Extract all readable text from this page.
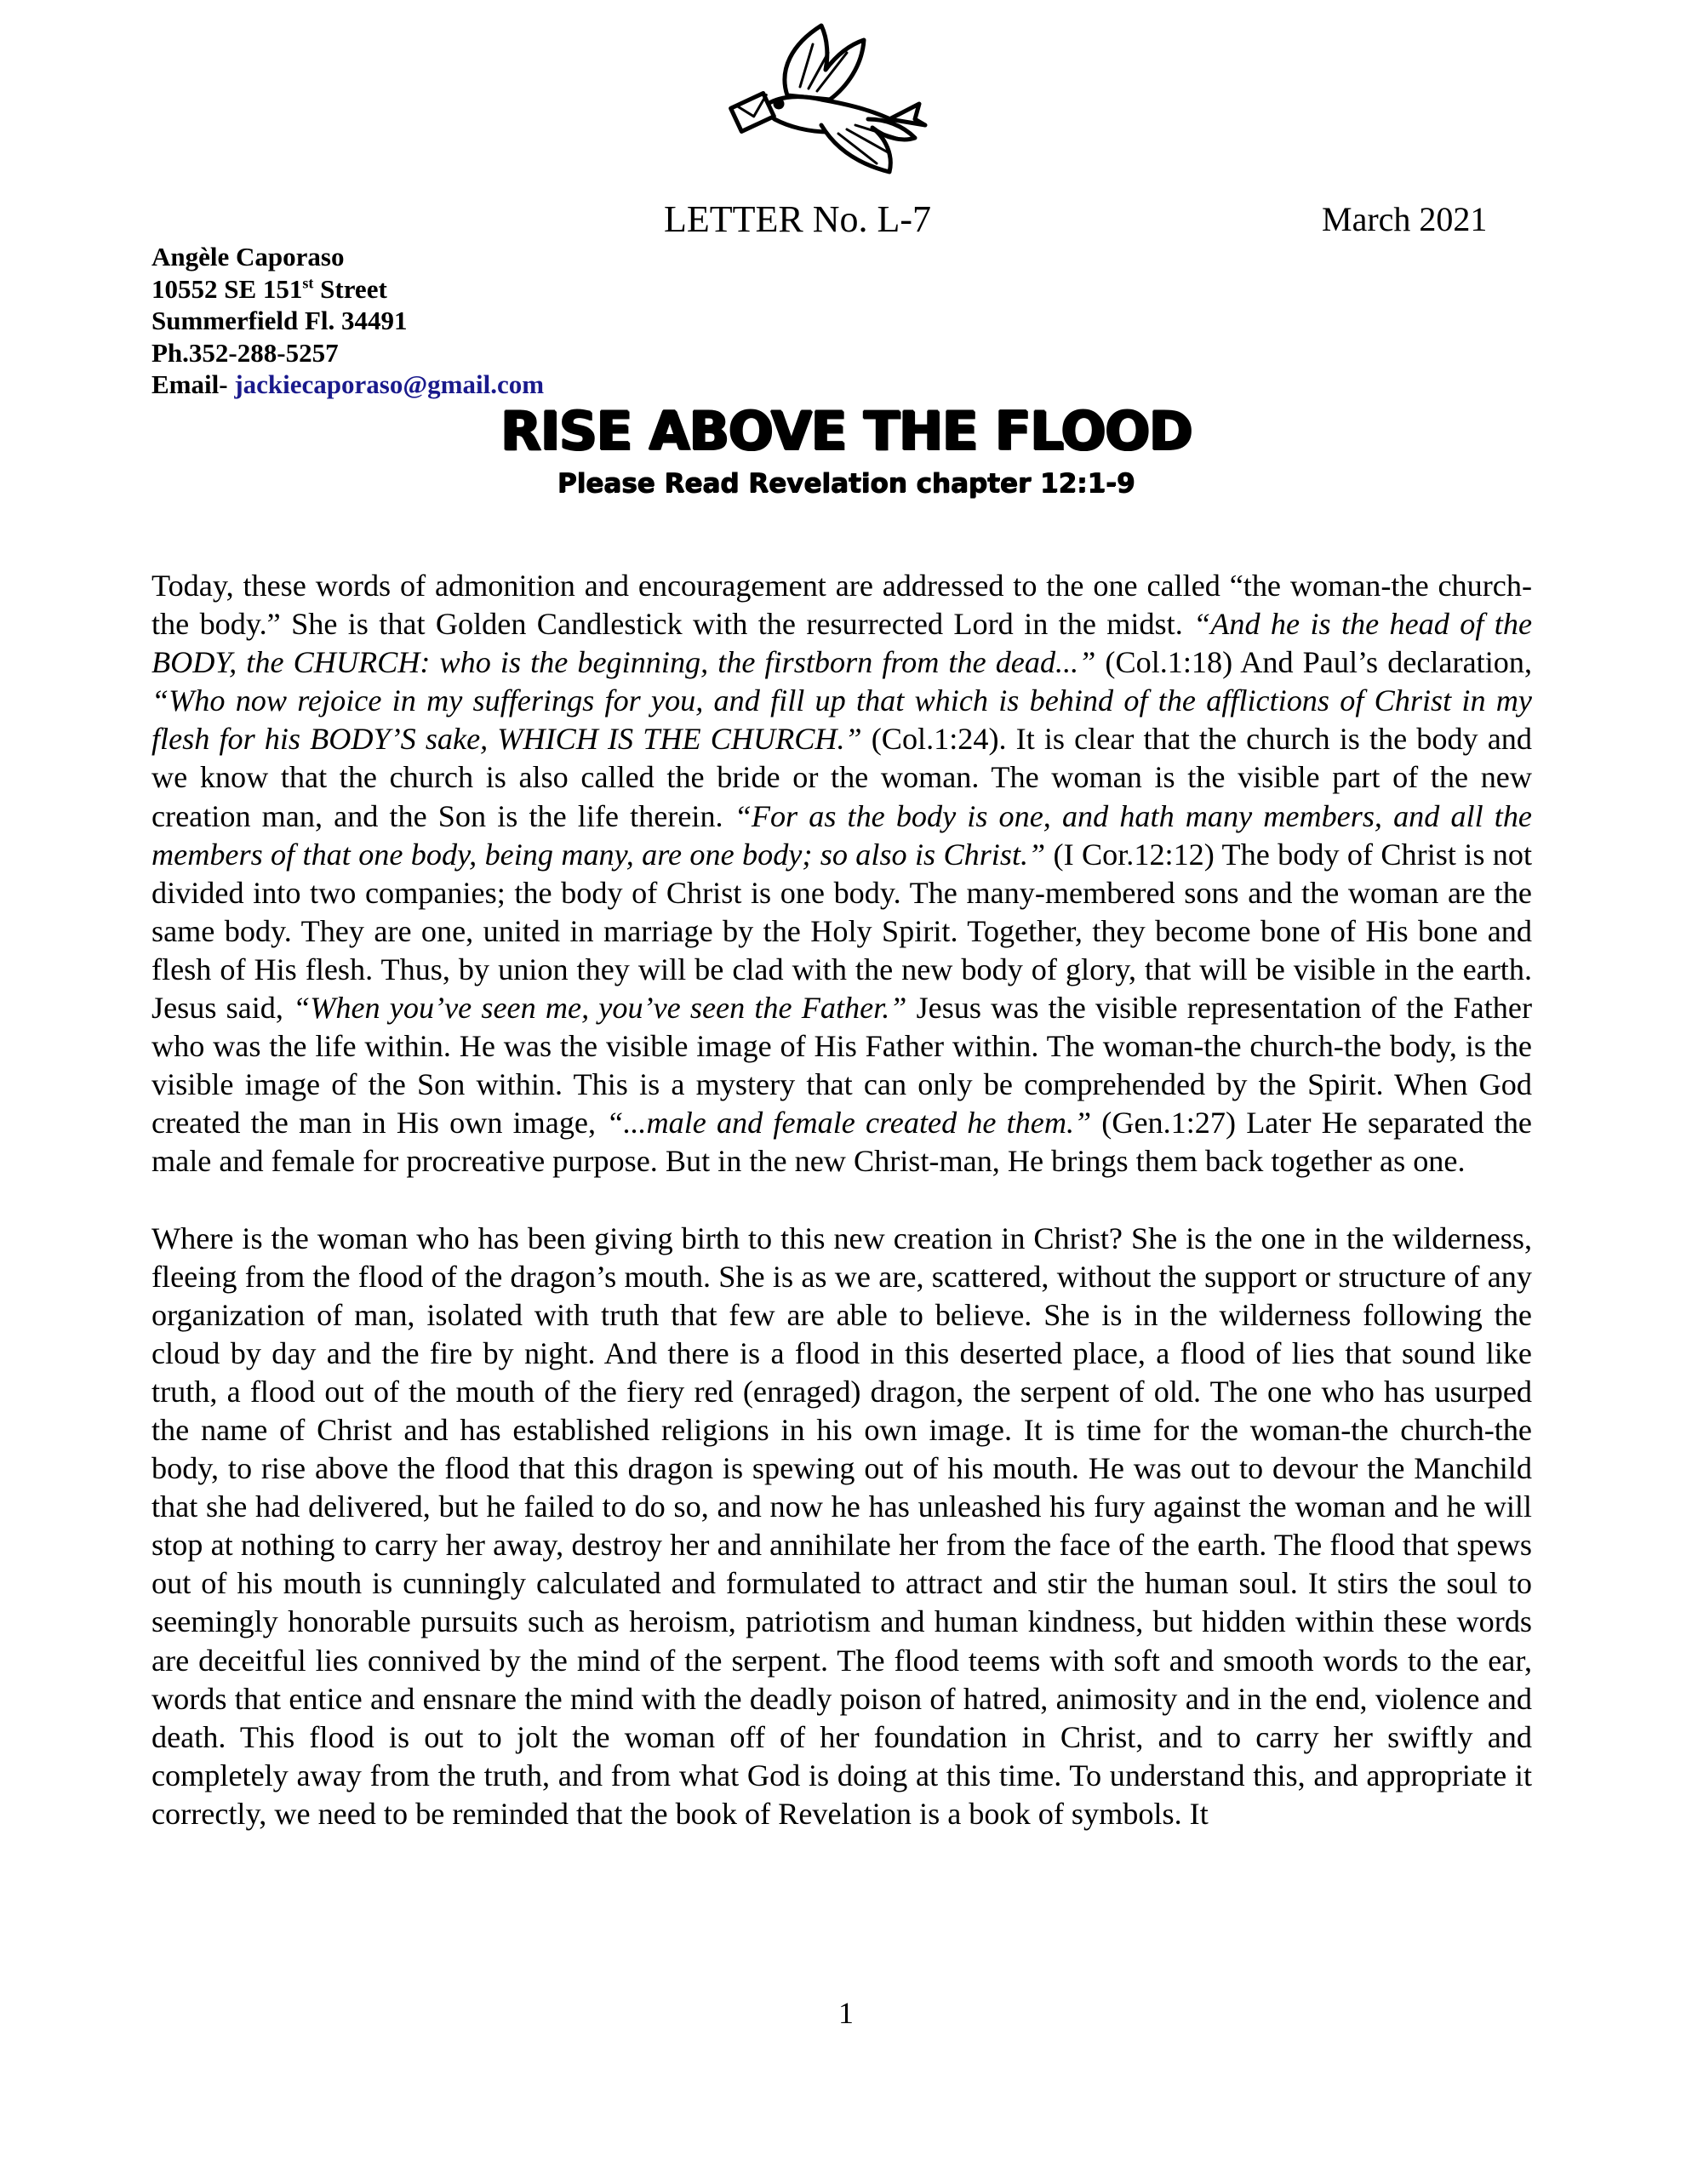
LETTER No. L-7	March 2021
Angèle Caporaso
10552 SE 151st Street
Summerfield Fl. 34491
Ph.352-288-5257
Email- jackiecaporaso@gmail.com
RISE ABOVE THE FLOOD
Please Read Revelation chapter 12:1-9

Today, these words of admonition and encouragement are addressed to the one called “the woman-the church-the body.” She is that Golden Candlestick with the resurrected Lord in the midst. “And he is the head of the BODY, the CHURCH: who is the beginning, the firstborn from the dead...” (Col.1:18) And Paul’s declaration, “Who now rejoice in my sufferings for you, and fill up that which is behind of the afflictions of Christ in my flesh for his BODY’S sake, WHICH IS THE CHURCH.” (Col.1:24). It is clear that the church is the body and we know that the church is also called the bride or the woman. The woman is the visible part of the new creation man, and the Son is the life therein. “For as the body is one, and hath many members, and all the members of that one body, being many, are one body; so also is Christ.” (I Cor.12:12) The body of Christ is not divided into two companies; the body of Christ is one body. The many-membered sons and the woman are the same body. They are one, united in marriage by the Holy Spirit. Together, they become bone of His bone and flesh of His flesh. Thus, by union they will be clad with the new body of glory, that will be visible in the earth. Jesus said, “When you’ve seen me, you’ve seen the Father.” Jesus was the visible representation of the Father who was the life within. He was the visible image of His Father within. The woman-the church-the body, is the visible image of the Son within. This is a mystery that can only be comprehended by the Spirit. When God created the man in His own image, “...male and female created he them.” (Gen.1:27) Later He separated the male and female for procreative purpose. But in the new Christ-man, He brings them back together as one.

Where is the woman who has been giving birth to this new creation in Christ? She is the one in the wilderness, fleeing from the flood of the dragon’s mouth. She is as we are, scattered, without the support or structure of any organization of man, isolated with truth that few are able to believe. She is in the wilderness following the cloud by day and the fire by night. And there is a flood in this deserted place, a flood of lies that sound like truth, a flood out of the mouth of the fiery red (enraged) dragon, the serpent of old. The one who has usurped the name of Christ and has established religions in his own image. It is time for the woman-the church-the body, to rise above the flood that this dragon is spewing out of his mouth. He was out to devour the Manchild that she had delivered, but he failed to do so, and now he has unleashed his fury against the woman and he will stop at nothing to carry her away, destroy her and annihilate her from the face of the earth. The flood that spews out of his mouth is cunningly calculated and formulated to attract and stir the human soul. It stirs the soul to seemingly honorable pursuits such as heroism, patriotism and human kindness, but hidden within these words are deceitful lies connived by the mind of the serpent. The flood teems with soft and smooth words to the ear, words that entice and ensnare the mind with the deadly poison of hatred, animosity and in the end, violence and death. This flood is out to jolt the woman off of her foundation in Christ, and to carry her swiftly and completely away from the truth, and from what God is doing at this time. To understand this, and appropriate it correctly, we need to be reminded that the book of Revelation is a book of symbols. It

1
